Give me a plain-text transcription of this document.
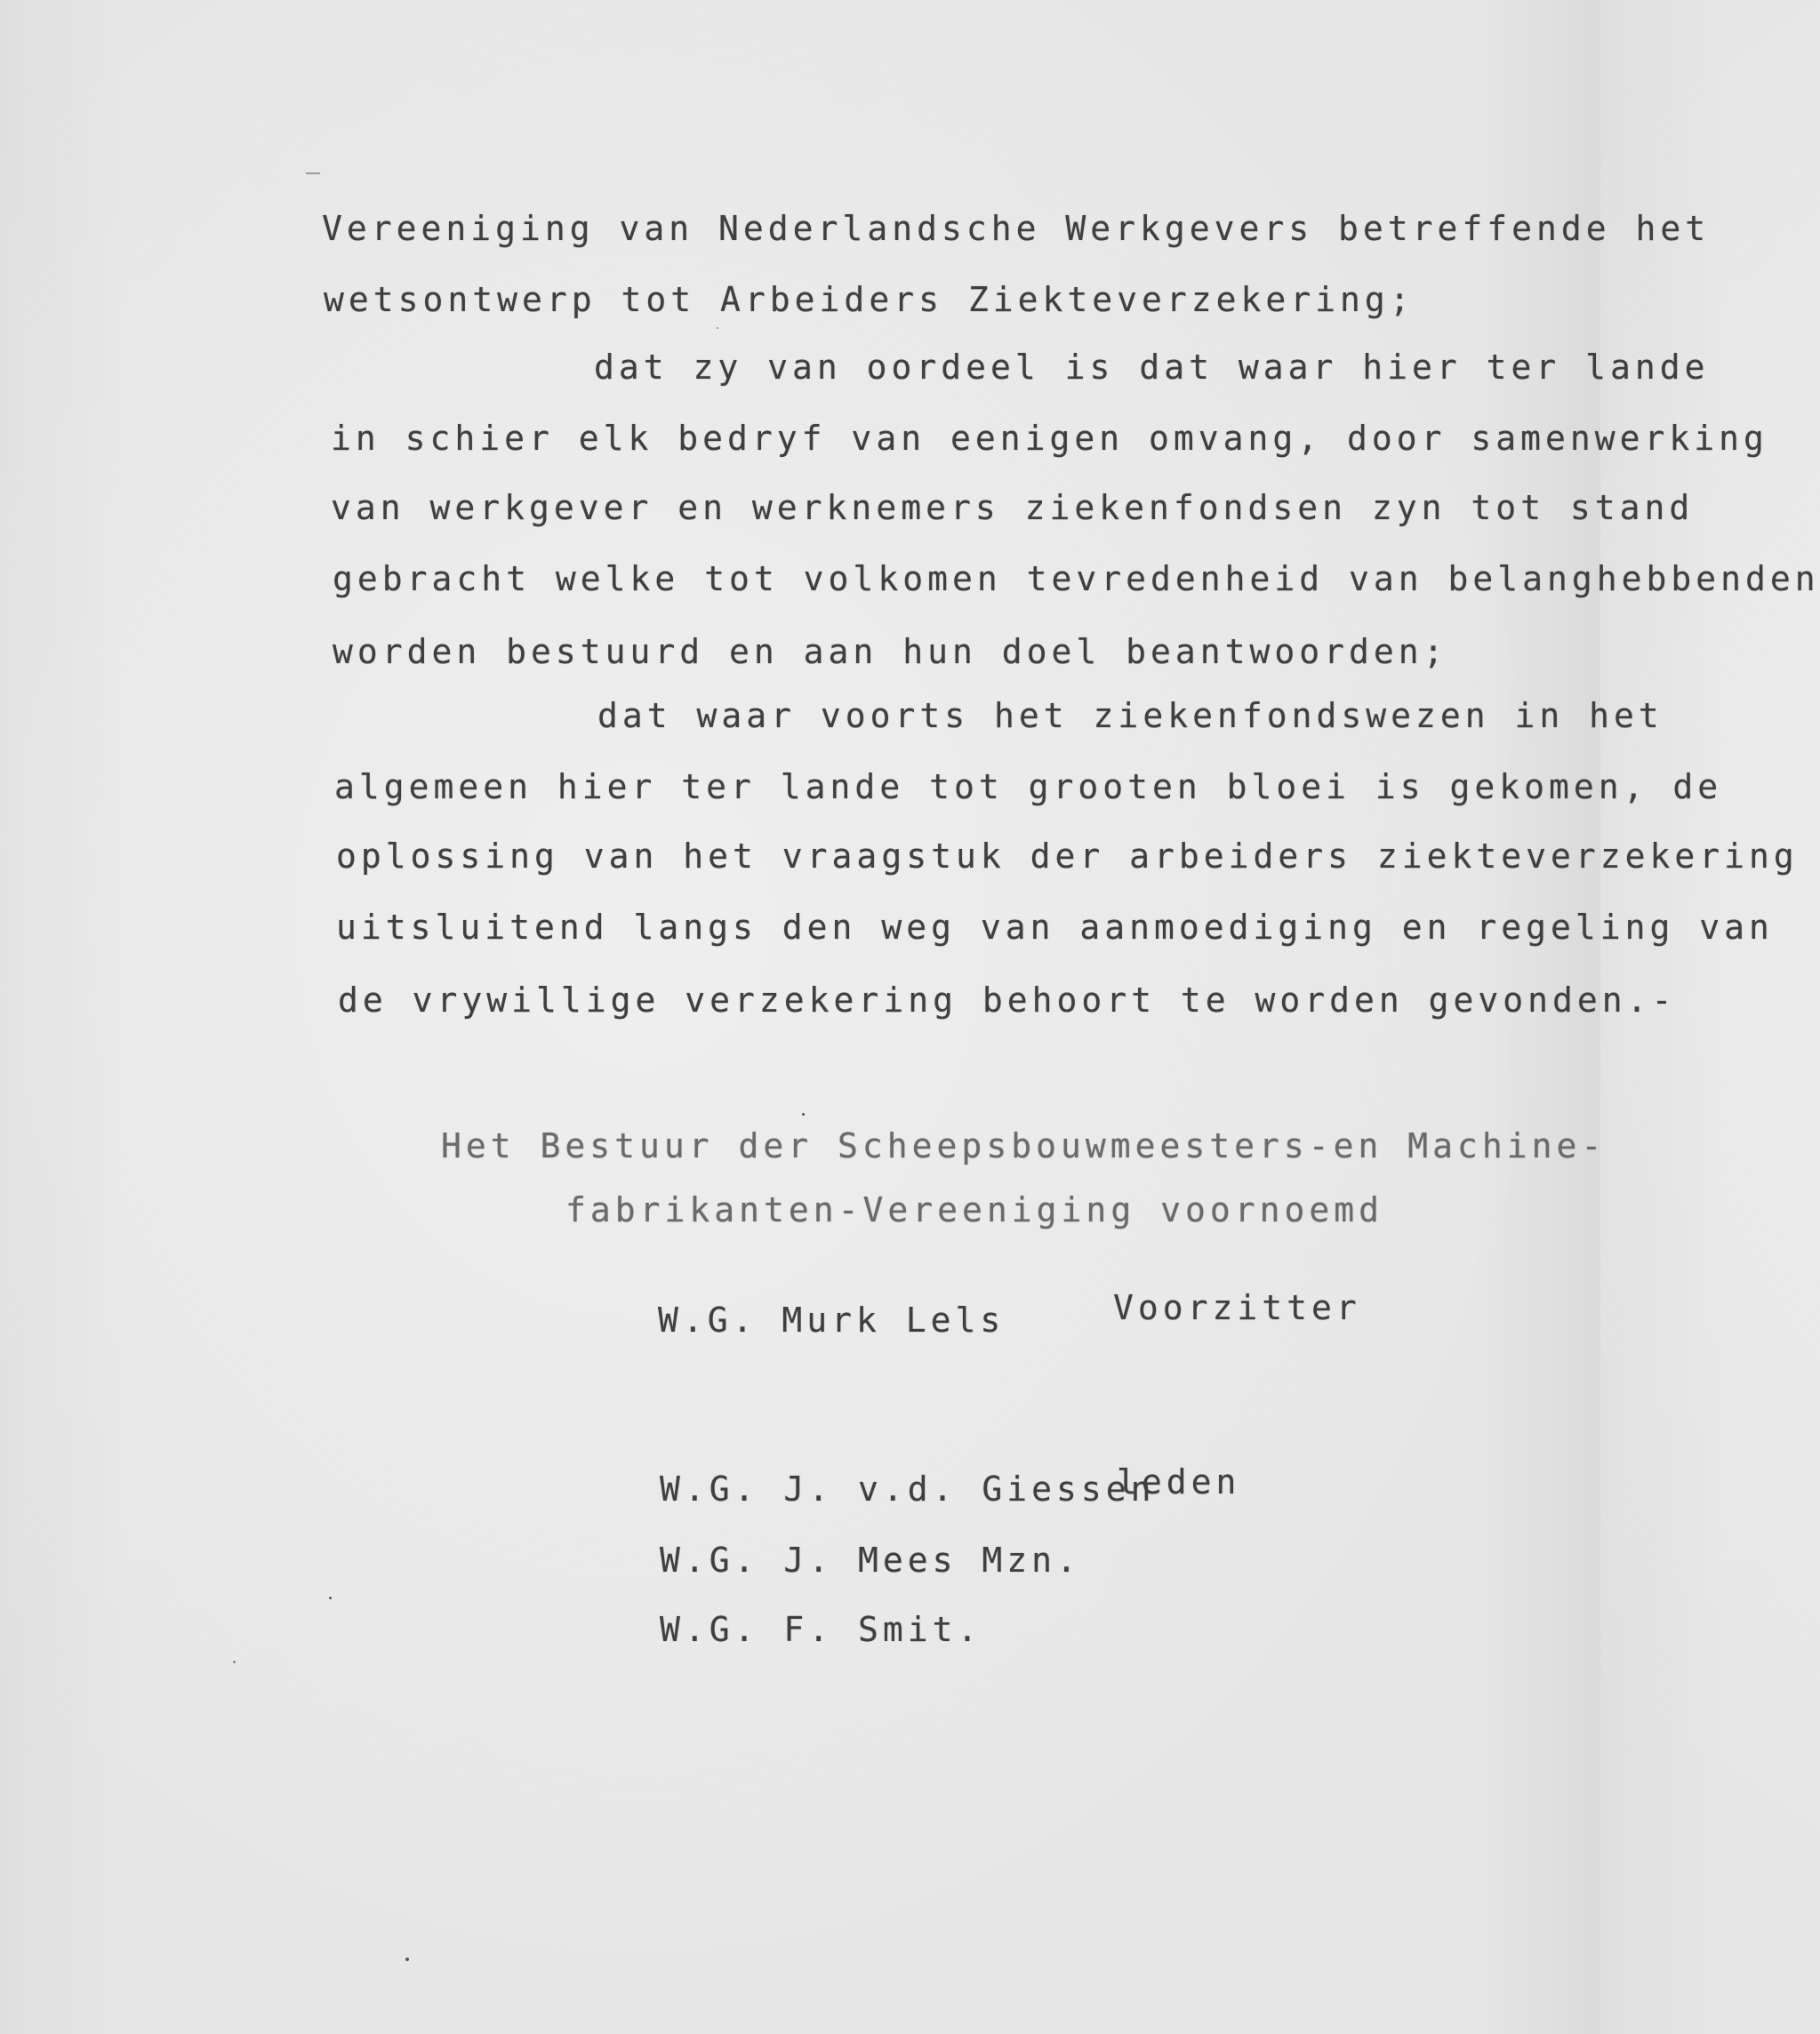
Vereeniging van Nederlandsche Werkgevers betreffende het
wetsontwerp tot Arbeiders Ziekteverzekering;
dat zy van oordeel is dat waar hier ter lande
in schier elk bedryf van eenigen omvang, door samenwerking
van werkgever en werknemers ziekenfondsen zyn tot stand
gebracht welke tot volkomen tevredenheid van belanghebbenden
worden bestuurd en aan hun doel beantwoorden;
dat waar voorts het ziekenfondswezen in het
algemeen hier ter lande tot grooten bloei is gekomen, de
oplossing van het vraagstuk der arbeiders ziekteverzekering
uitsluitend langs den weg van aanmoediging en regeling van
de vrywillige verzekering behoort te worden gevonden.-
Het Bestuur der Scheepsbouwmeesters-en Machine-
fabrikanten-Vereeniging voornoemd
W.G. Murk Lels	Voorzitter
W.G. J. v.d. Giessen
leden
W.G. J. Mees Mzn.
W.G. F. Smit.
